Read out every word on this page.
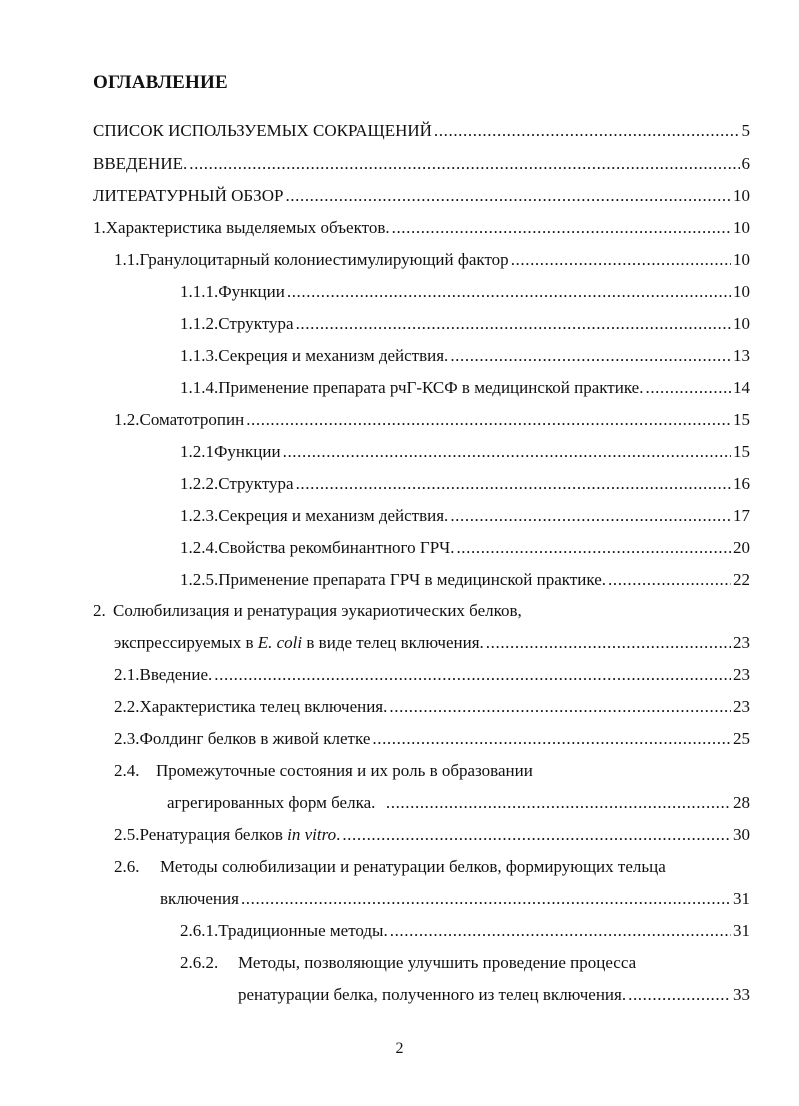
ОГЛАВЛЕНИЕ
СПИСОК ИСПОЛЬЗУЕМЫХ СОКРАЩЕНИЙ .....	5
ВВЕДЕНИЕ. .....	6
ЛИТЕРАТУРНЫЙ ОБЗОР .....	10
1. Характеристика выделяемых объектов. .....	10
1.1. Гранулоцитарный колониестимулирующий фактор .....	10
1.1.1. Функции .....	10
1.1.2. Структура .....	10
1.1.3. Секреция и механизм действия. .....	13
1.1.4. Применение препарата рчГ-КСФ в медицинской практике. .....	14
1.2. Соматотропин .....	15
1.2.1 Функции .....	15
1.2.2. Структура .....	16
1.2.3. Секреция и механизм действия. .....	17
1.2.4. Свойства рекомбинантного ГРЧ. .....	20
1.2.5. Применение препарата ГРЧ в медицинской практике. .....	22
2. Солюбилизация и ренатурация эукариотических белков,
экспрессируемых в E. coli в виде телец включения. .....	23
2.1. Введение. .....	23
2.2. Характеристика телец включения. .....	23
2.3. Фолдинг белков в живой клетке .....	25
2.4. Промежуточные состояния и их роль в образовании
агрегированных форм белка. .....	28
2.5. Ренатурация белков in vitro. .....	30
2.6. Методы солюбилизации и ренатурации белков, формирующих тельца
включения .....	31
2.6.1. Традиционные методы. .....	31
2.6.2. Методы, позволяющие улучшить проведение процесса
ренатурации белка, полученного из телец включения. .....	33
2
